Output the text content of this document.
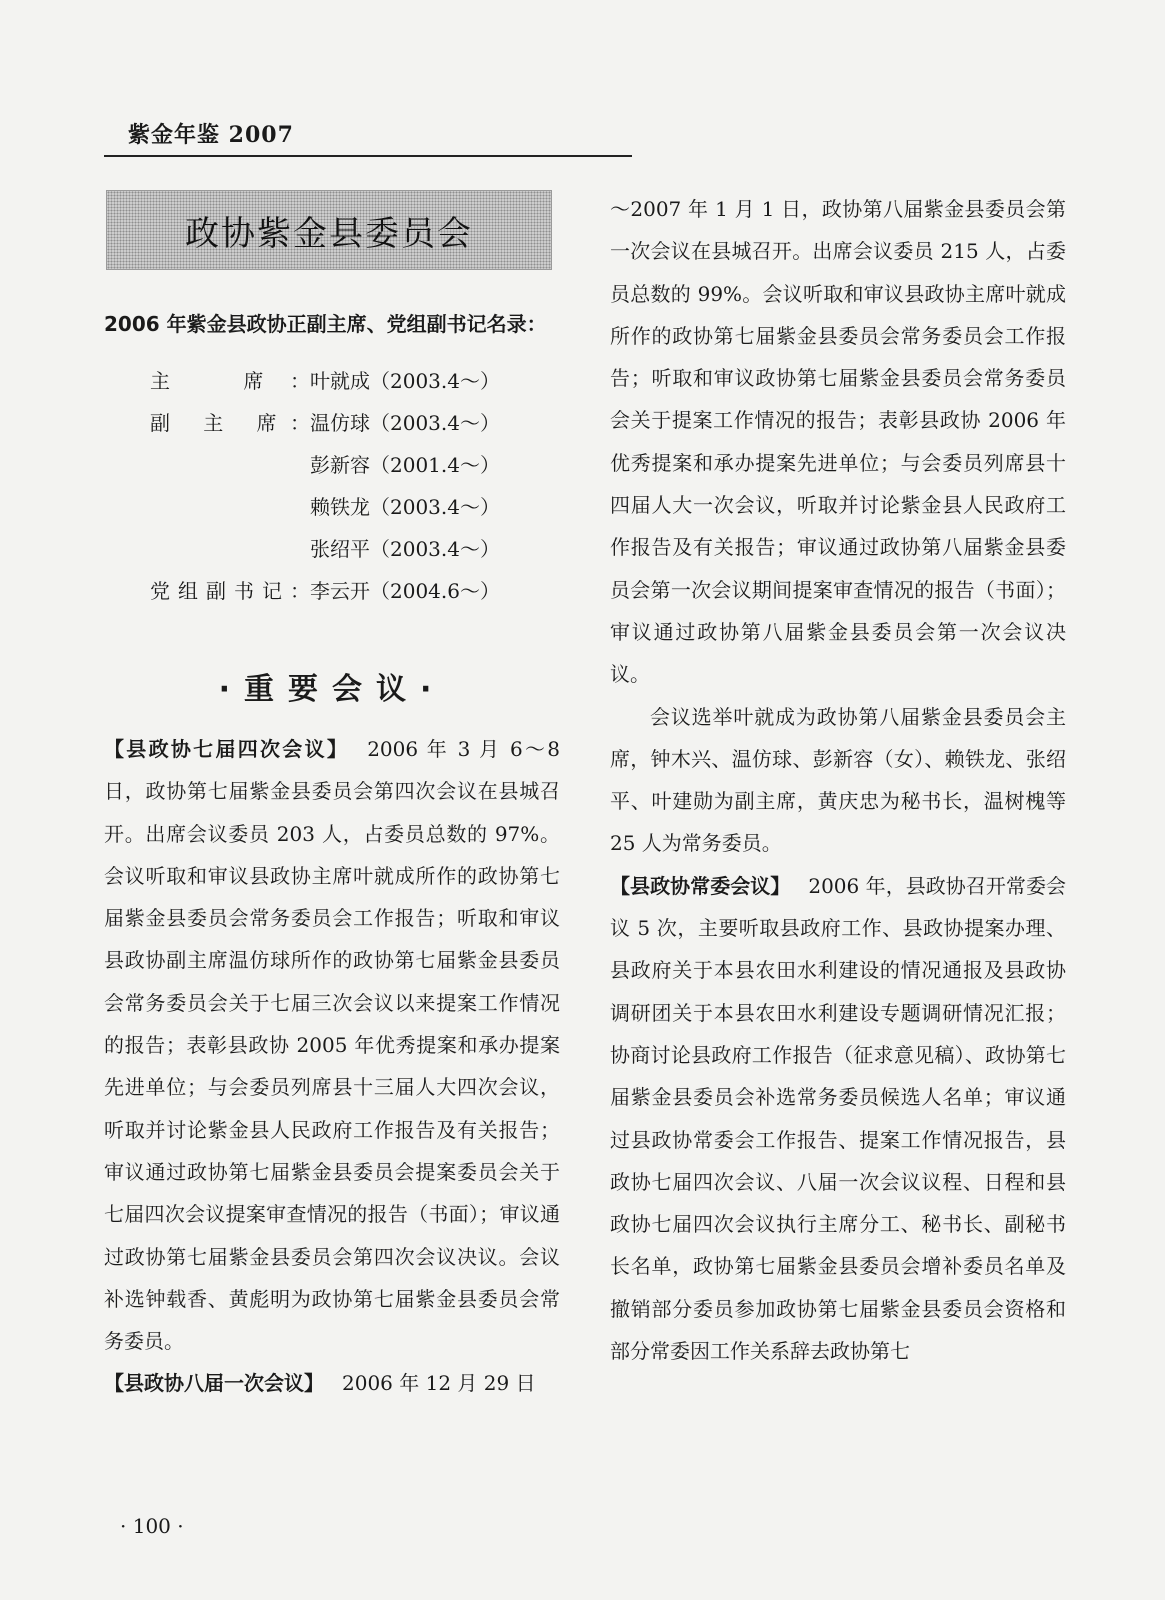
紫金年鉴 2007
政协紫金县委员会

2006 年紫金县政协正副主席、党组副书记名录：

主　席： 叶就成（2003.4～）
副 主 席： 温仿球（2003.4～）
彭新容（2001.4～）
赖铁龙（2003.4～）
张绍平（2003.4～）
党组副书记： 李云开（2004.6～）
·重要会议·

【县政协七届四次会议】 2006 年 3 月 6～8 日，政协第七届紫金县委员会第四次会议在县城召开。出席会议委员 203 人，占委员总数的 97%。会议听取和审议县政协主席叶就成所作的政协第七届紫金县委员会常务委员会工作报告；听取和审议县政协副主席温仿球所作的政协第七届紫金县委员会常务委员会关于七届三次会议以来提案工作情况的报告；表彰县政协 2005 年优秀提案和承办提案先进单位；与会委员列席县十三届人大四次会议，听取并讨论紫金县人民政府工作报告及有关报告；审议通过政协第七届紫金县委员会提案委员会关于七届四次会议提案审查情况的报告（书面）；审议通过政协第七届紫金县委员会第四次会议决议。会议补选钟载香、黄彪明为政协第七届紫金县委员会常务委员。

【县政协八届一次会议】 2006 年 12 月 29 日

～2007 年 1 月 1 日，政协第八届紫金县委员会第一次会议在县城召开。出席会议委员 215 人，占委员总数的 99%。会议听取和审议县政协主席叶就成所作的政协第七届紫金县委员会常务委员会工作报告；听取和审议政协第七届紫金县委员会常务委员会关于提案工作情况的报告；表彰县政协 2006 年优秀提案和承办提案先进单位；与会委员列席县十四届人大一次会议，听取并讨论紫金县人民政府工作报告及有关报告；审议通过政协第八届紫金县委员会第一次会议期间提案审查情况的报告（书面）；审议通过政协第八届紫金县委员会第一次会议决议。

会议选举叶就成为政协第八届紫金县委员会主席，钟木兴、温仿球、彭新容（女）、赖铁龙、张绍平、叶建勋为副主席，黄庆忠为秘书长，温树槐等 25 人为常务委员。

【县政协常委会议】 2006 年，县政协召开常委会议 5 次，主要听取县政府工作、县政协提案办理、县政府关于本县农田水利建设的情况通报及县政协调研团关于本县农田水利建设专题调研情况汇报；协商讨论县政府工作报告（征求意见稿）、政协第七届紫金县委员会补选常务委员候选人名单；审议通过县政协常委会工作报告、提案工作情况报告，县政协七届四次会议、八届一次会议议程、日程和县政协七届四次会议执行主席分工、秘书长、副秘书长名单，政协第七届紫金县委员会增补委员名单及撤销部分委员参加政协第七届紫金县委员会资格和部分常委因工作关系辞去政协第七

· 100 ·
